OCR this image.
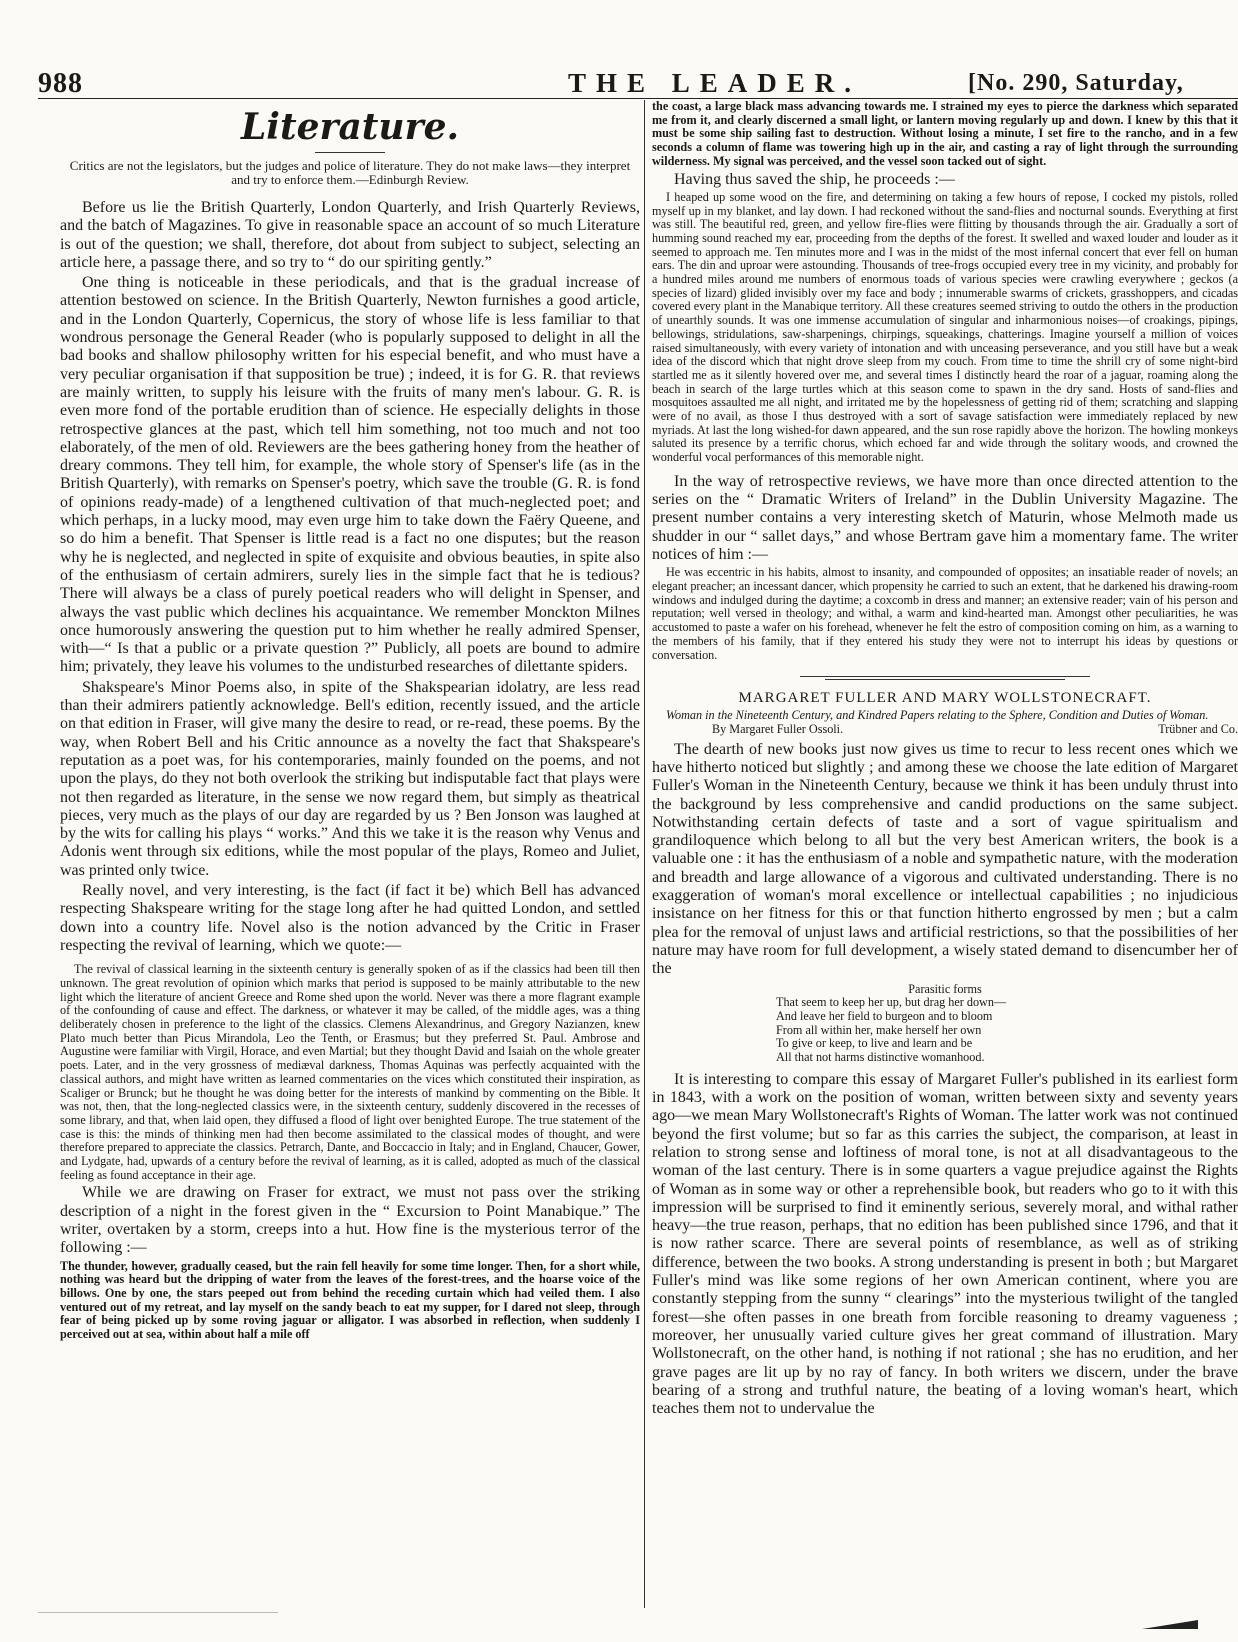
988	THE LEADER.	[No. 290, Saturday,
Literature.

Critics are not the legislators, but the judges and police of literature. They do not make laws—they interpret and try to enforce them.—Edinburgh Review.

Before us lie the British Quarterly, London Quarterly, and Irish Quarterly Reviews, and the batch of Magazines. To give in reasonable space an account of so much Literature is out of the question; we shall, therefore, dot about from subject to subject, selecting an article here, a passage there, and so try to “ do our spiriting gently.”

One thing is noticeable in these periodicals, and that is the gradual increase of attention bestowed on science. In the British Quarterly, Newton furnishes a good article, and in the London Quarterly, Copernicus, the story of whose life is less familiar to that wondrous personage the General Reader (who is popularly supposed to delight in all the bad books and shallow philosophy written for his especial benefit, and who must have a very peculiar organisation if that supposition be true) ; indeed, it is for G. R. that reviews are mainly written, to supply his leisure with the fruits of many men's labour. G. R. is even more fond of the portable erudition than of science. He especially delights in those retrospective glances at the past, which tell him something, not too much and not too elaborately, of the men of old. Reviewers are the bees gathering honey from the heather of dreary commons. They tell him, for example, the whole story of Spenser's life (as in the British Quarterly), with remarks on Spenser's poetry, which save the trouble (G. R. is fond of opinions ready-made) of a lengthened cultivation of that much-neglected poet; and which perhaps, in a lucky mood, may even urge him to take down the Faëry Queene, and so do him a benefit. That Spenser is little read is a fact no one disputes; but the reason why he is neglected, and neglected in spite of exquisite and obvious beauties, in spite also of the enthusiasm of certain admirers, surely lies in the simple fact that he is tedious? There will always be a class of purely poetical readers who will delight in Spenser, and always the vast public which declines his acquaintance. We remember Monckton Milnes once humorously answering the question put to him whether he really admired Spenser, with—“ Is that a public or a private question ?” Publicly, all poets are bound to admire him; privately, they leave his volumes to the undisturbed researches of dilettante spiders.

Shakspeare's Minor Poems also, in spite of the Shakspearian idolatry, are less read than their admirers patiently acknowledge. Bell's edition, recently issued, and the article on that edition in Fraser, will give many the desire to read, or re-read, these poems. By the way, when Robert Bell and his Critic announce as a novelty the fact that Shakspeare's reputation as a poet was, for his contemporaries, mainly founded on the poems, and not upon the plays, do they not both overlook the striking but indisputable fact that plays were not then regarded as literature, in the sense we now regard them, but simply as theatrical pieces, very much as the plays of our day are regarded by us ? Ben Jonson was laughed at by the wits for calling his plays “ works.” And this we take it is the reason why Venus and Adonis went through six editions, while the most popular of the plays, Romeo and Juliet, was printed only twice.

Really novel, and very interesting, is the fact (if fact it be) which Bell has advanced respecting Shakspeare writing for the stage long after he had quitted London, and settled down into a country life. Novel also is the notion advanced by the Critic in Fraser respecting the revival of learning, which we quote:—

The revival of classical learning in the sixteenth century is generally spoken of as if the classics had been till then unknown. The great revolution of opinion which marks that period is supposed to be mainly attributable to the new light which the literature of ancient Greece and Rome shed upon the world. Never was there a more flagrant example of the confounding of cause and effect. The darkness, or whatever it may be called, of the middle ages, was a thing deliberately chosen in preference to the light of the classics. Clemens Alexandrinus, and Gregory Nazianzen, knew Plato much better than Picus Mirandola, Leo the Tenth, or Erasmus; but they preferred St. Paul. Ambrose and Augustine were familiar with Virgil, Horace, and even Martial; but they thought David and Isaiah on the whole greater poets. Later, and in the very grossness of mediæval darkness, Thomas Aquinas was perfectly acquainted with the classical authors, and might have written as learned commentaries on the vices which constituted their inspiration, as Scaliger or Brunck; but he thought he was doing better for the interests of mankind by commenting on the Bible. It was not, then, that the long-neglected classics were, in the sixteenth century, suddenly discovered in the recesses of some library, and that, when laid open, they diffused a flood of light over benighted Europe. The true statement of the case is this: the minds of thinking men had then become assimilated to the classical modes of thought, and were therefore prepared to appreciate the classics. Petrarch, Dante, and Boccaccio in Italy; and in England, Chaucer, Gower, and Lydgate, had, upwards of a century before the revival of learning, as it is called, adopted as much of the classical feeling as found acceptance in their age.

While we are drawing on Fraser for extract, we must not pass over the striking description of a night in the forest given in the “ Excursion to Point Manabique.” The writer, overtaken by a storm, creeps into a hut. How fine is the mysterious terror of the following :—

The thunder, however, gradually ceased, but the rain fell heavily for some time longer. Then, for a short while, nothing was heard but the dripping of water from the leaves of the forest-trees, and the hoarse voice of the billows. One by one, the stars peeped out from behind the receding curtain which had veiled them. I also ventured out of my retreat, and lay myself on the sandy beach to eat my supper, for I dared not sleep, through fear of being picked up by some roving jaguar or alligator. I was absorbed in reflection, when suddenly I perceived out at sea, within about half a mile off

the coast, a large black mass advancing towards me. I strained my eyes to pierce the darkness which separated me from it, and clearly discerned a small light, or lantern moving regularly up and down. I knew by this that it must be some ship sailing fast to destruction. Without losing a minute, I set fire to the rancho, and in a few seconds a column of flame was towering high up in the air, and casting a ray of light through the surrounding wilderness. My signal was perceived, and the vessel soon tacked out of sight.

Having thus saved the ship, he proceeds :—

I heaped up some wood on the fire, and determining on taking a few hours of repose, I cocked my pistols, rolled myself up in my blanket, and lay down. I had reckoned without the sand-flies and nocturnal sounds. Everything at first was still. The beautiful red, green, and yellow fire-flies were flitting by thousands through the air. Gradually a sort of humming sound reached my ear, proceeding from the depths of the forest. It swelled and waxed louder and louder as it seemed to approach me. Ten minutes more and I was in the midst of the most infernal concert that ever fell on human ears. The din and uproar were astounding. Thousands of tree-frogs occupied every tree in my vicinity, and probably for a hundred miles around me numbers of enormous toads of various species were crawling everywhere ; geckos (a species of lizard) glided invisibly over my face and body ; innumerable swarms of crickets, grasshoppers, and cicadas covered every plant in the Manabique territory. All these creatures seemed striving to outdo the others in the production of unearthly sounds. It was one immense accumulation of singular and inharmonious noises—of croakings, pipings, bellowings, stridulations, saw-sharpenings, chirpings, squeakings, chatterings. Imagine yourself a million of voices raised simultaneously, with every variety of intonation and with unceasing perseverance, and you still have but a weak idea of the discord which that night drove sleep from my couch. From time to time the shrill cry of some night-bird startled me as it silently hovered over me, and several times I distinctly heard the roar of a jaguar, roaming along the beach in search of the large turtles which at this season come to spawn in the dry sand. Hosts of sand-flies and mosquitoes assaulted me all night, and irritated me by the hopelessness of getting rid of them; scratching and slapping were of no avail, as those I thus destroyed with a sort of savage satisfaction were immediately replaced by new myriads. At last the long wished-for dawn appeared, and the sun rose rapidly above the horizon. The howling monkeys saluted its presence by a terrific chorus, which echoed far and wide through the solitary woods, and crowned the wonderful vocal performances of this memorable night.

In the way of retrospective reviews, we have more than once directed attention to the series on the “ Dramatic Writers of Ireland” in the Dublin University Magazine. The present number contains a very interesting sketch of Maturin, whose Melmoth made us shudder in our “ sallet days,” and whose Bertram gave him a momentary fame. The writer notices of him :—

He was eccentric in his habits, almost to insanity, and compounded of opposites; an insatiable reader of novels; an elegant preacher; an incessant dancer, which propensity he carried to such an extent, that he darkened his drawing-room windows and indulged during the daytime; a coxcomb in dress and manner; an extensive reader; vain of his person and reputation; well versed in theology; and withal, a warm and kind-hearted man. Amongst other peculiarities, he was accustomed to paste a wafer on his forehead, whenever he felt the estro of composition coming on him, as a warning to the members of his family, that if they entered his study they were not to interrupt his ideas by questions or conversation.

MARGARET FULLER AND MARY WOLLSTONECRAFT.
Woman in the Nineteenth Century, and Kindred Papers relating to the Sphere, Condition and Duties of Woman.
By Margaret Fuller Ossoli.	Trübner and Co.

The dearth of new books just now gives us time to recur to less recent ones which we have hitherto noticed but slightly ; and among these we choose the late edition of Margaret Fuller's Woman in the Nineteenth Century, because we think it has been unduly thrust into the background by less comprehensive and candid productions on the same subject. Notwithstanding certain defects of taste and a sort of vague spiritualism and grandiloquence which belong to all but the very best American writers, the book is a valuable one : it has the enthusiasm of a noble and sympathetic nature, with the moderation and breadth and large allowance of a vigorous and cultivated understanding. There is no exaggeration of woman's moral excellence or intellectual capabilities ; no injudicious insistance on her fitness for this or that function hitherto engrossed by men ; but a calm plea for the removal of unjust laws and artificial restrictions, so that the possibilities of her nature may have room for full development, a wisely stated demand to disencumber her of the

Parasitic forms
That seem to keep her up, but drag her down—
And leave her field to burgeon and to bloom
From all within her, make herself her own
To give or keep, to live and learn and be
All that not harms distinctive womanhood.

It is interesting to compare this essay of Margaret Fuller's published in its earliest form in 1843, with a work on the position of woman, written between sixty and seventy years ago—we mean Mary Wollstonecraft's Rights of Woman. The latter work was not continued beyond the first volume; but so far as this carries the subject, the comparison, at least in relation to strong sense and loftiness of moral tone, is not at all disadvantageous to the woman of the last century. There is in some quarters a vague prejudice against the Rights of Woman as in some way or other a reprehensible book, but readers who go to it with this impression will be surprised to find it eminently serious, severely moral, and withal rather heavy—the true reason, perhaps, that no edition has been published since 1796, and that it is now rather scarce. There are several points of resemblance, as well as of striking difference, between the two books. A strong understanding is present in both ; but Margaret Fuller's mind was like some regions of her own American continent, where you are constantly stepping from the sunny “ clearings” into the mysterious twilight of the tangled forest—she often passes in one breath from forcible reasoning to dreamy vagueness ; moreover, her unusually varied culture gives her great command of illustration. Mary Wollstonecraft, on the other hand, is nothing if not rational ; she has no erudition, and her grave pages are lit up by no ray of fancy. In both writers we discern, under the brave bearing of a strong and truthful nature, the beating of a loving woman's heart, which teaches them not to undervalue the
